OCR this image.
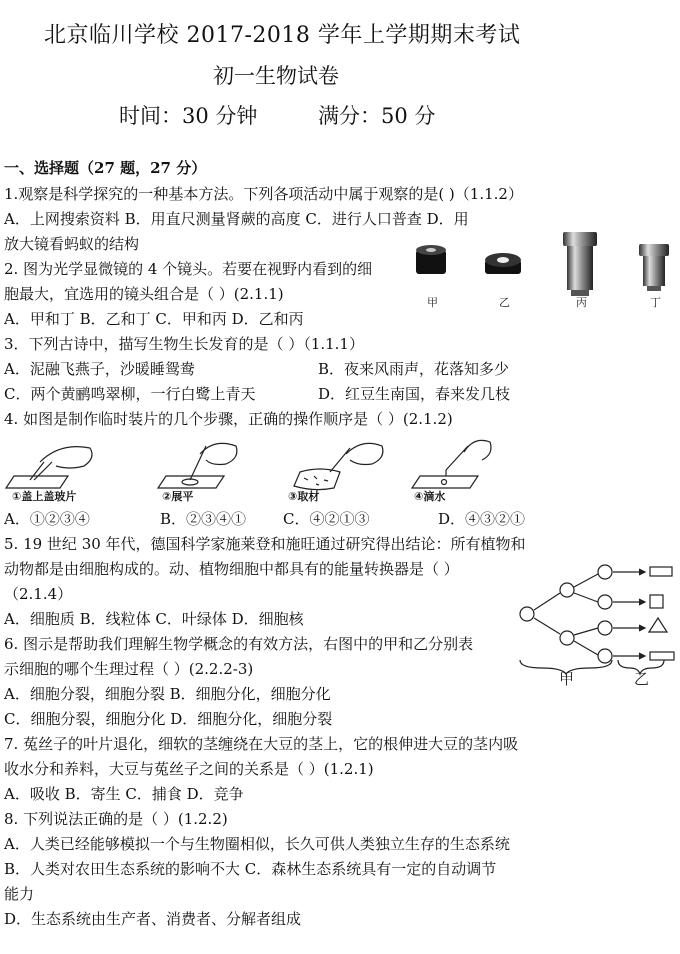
北京临川学校 2017-2018 学年上学期期末考试
初一生物试卷
时间：30 分钟	满分：50 分
一、选择题（27 题，27 分）
1.观察是科学探究的一种基本方法。下列各项活动中属于观察的是( )（1.1.2）
A．上网搜索资料 B．用直尺测量肾蕨的高度 C．进行人口普查 D．用
放大镜看蚂蚁的结构
2. 图为光学显微镜的 4 个镜头。若要在视野内看到的细
胞最大，宜选用的镜头组合是（ ）(2.1.1)
A．甲和丁 B．乙和丁 C．甲和丙 D．乙和丙
3．下列古诗中，描写生物生长发育的是（ ）（1.1.1）
A．泥融飞燕子，沙暖睡鸳鸯	B．夜来风雨声，花落知多少
C．两个黄鹂鸣翠柳，一行白鹭上青天	D．红豆生南国，春来发几枝
4. 如图是制作临时装片的几个步骤，正确的操作顺序是（ ）(2.1.2)
A．①②③④	B．②③④① C．④②①③	D．④③②①
5. 19 世纪 30 年代，德国科学家施莱登和施旺通过研究得出结论：所有植物和
动物都是由细胞构成的。动、植物细胞中都具有的能量转换器是（ ）
（2.1.4）
A．细胞质 B．线粒体 C．叶绿体 D．细胞核
6. 图示是帮助我们理解生物学概念的有效方法，右图中的甲和乙分别表
示细胞的哪个生理过程（ ）(2.2.2-3)
A．细胞分裂，细胞分裂 B．细胞分化，细胞分化
C．细胞分裂，细胞分化 D．细胞分化，细胞分裂
7. 菟丝子的叶片退化，细软的茎缠绕在大豆的茎上，它的根伸进大豆的茎内吸
收水分和养料，大豆与菟丝子之间的关系是（ ）(1.2.1)
A．吸收 B．寄生 C．捕食 D．竞争
8. 下列说法正确的是（ ）(1.2.2)
A．人类已经能够模拟一个与生物圈相似，长久可供人类独立生存的生态系统
B．人类对农田生态系统的影响不大 C．森林生态系统具有一定的自动调节
能力
D．生态系统由生产者、消费者、分解者组成
甲	乙	丙	丁
①盖上盖玻片	②展平	③取材	④滴水
甲	乙
